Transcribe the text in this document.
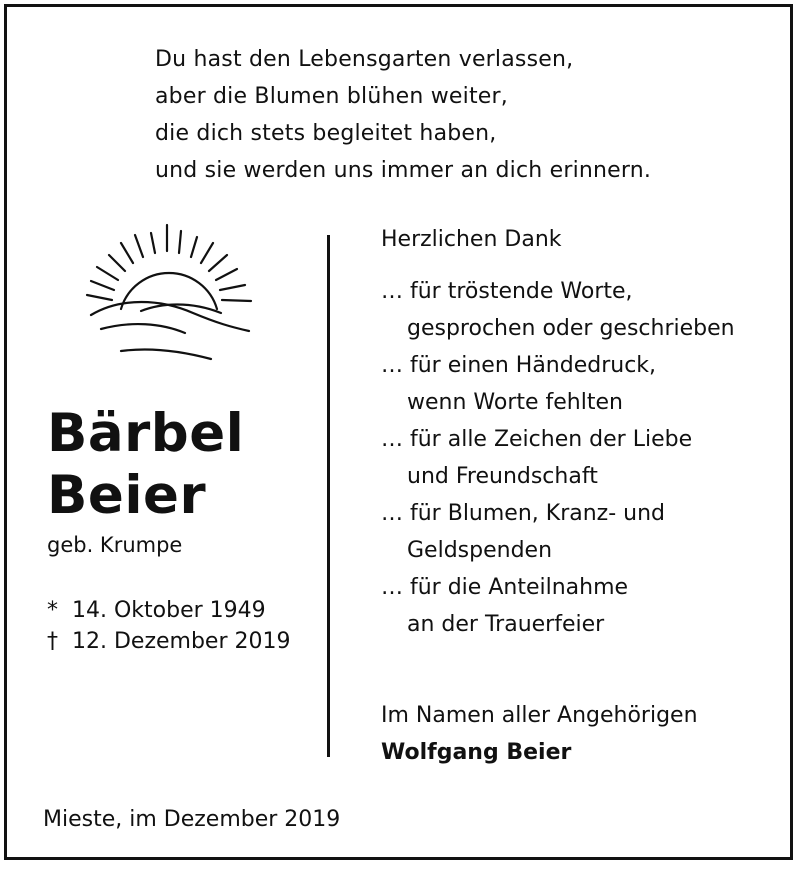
Du hast den Lebensgarten verlassen,
aber die Blumen blühen weiter,
die dich stets begleitet haben,
und sie werden uns immer an dich erinnern.
Bärbel
Beier
geb. Krumpe
* 14. Oktober 1949
† 12. Dezember 2019
Herzlichen Dank
… für tröstende Worte,
gesprochen oder geschrieben
… für einen Händedruck,
wenn Worte fehlten
… für alle Zeichen der Liebe
und Freundschaft
… für Blumen, Kranz- und
Geldspenden
… für die Anteilnahme
an der Trauerfeier
Im Namen aller Angehörigen
Wolfgang Beier
Mieste, im Dezember 2019
